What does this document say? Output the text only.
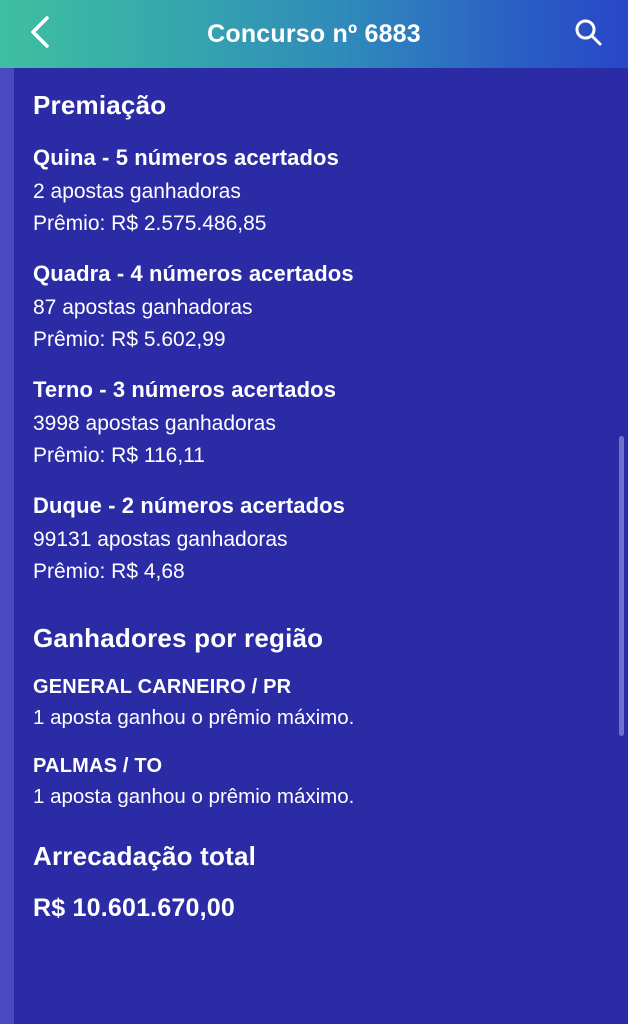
Concurso nº 6883
Premiação
Quina - 5 números acertados
2 apostas ganhadoras
Prêmio: R$ 2.575.486,85
Quadra - 4 números acertados
87 apostas ganhadoras
Prêmio: R$ 5.602,99
Terno - 3 números acertados
3998 apostas ganhadoras
Prêmio: R$ 116,11
Duque - 2 números acertados
99131 apostas ganhadoras
Prêmio: R$ 4,68
Ganhadores por região
GENERAL CARNEIRO / PR
1 aposta ganhou o prêmio máximo.
PALMAS / TO
1 aposta ganhou o prêmio máximo.
Arrecadação total
R$ 10.601.670,00
